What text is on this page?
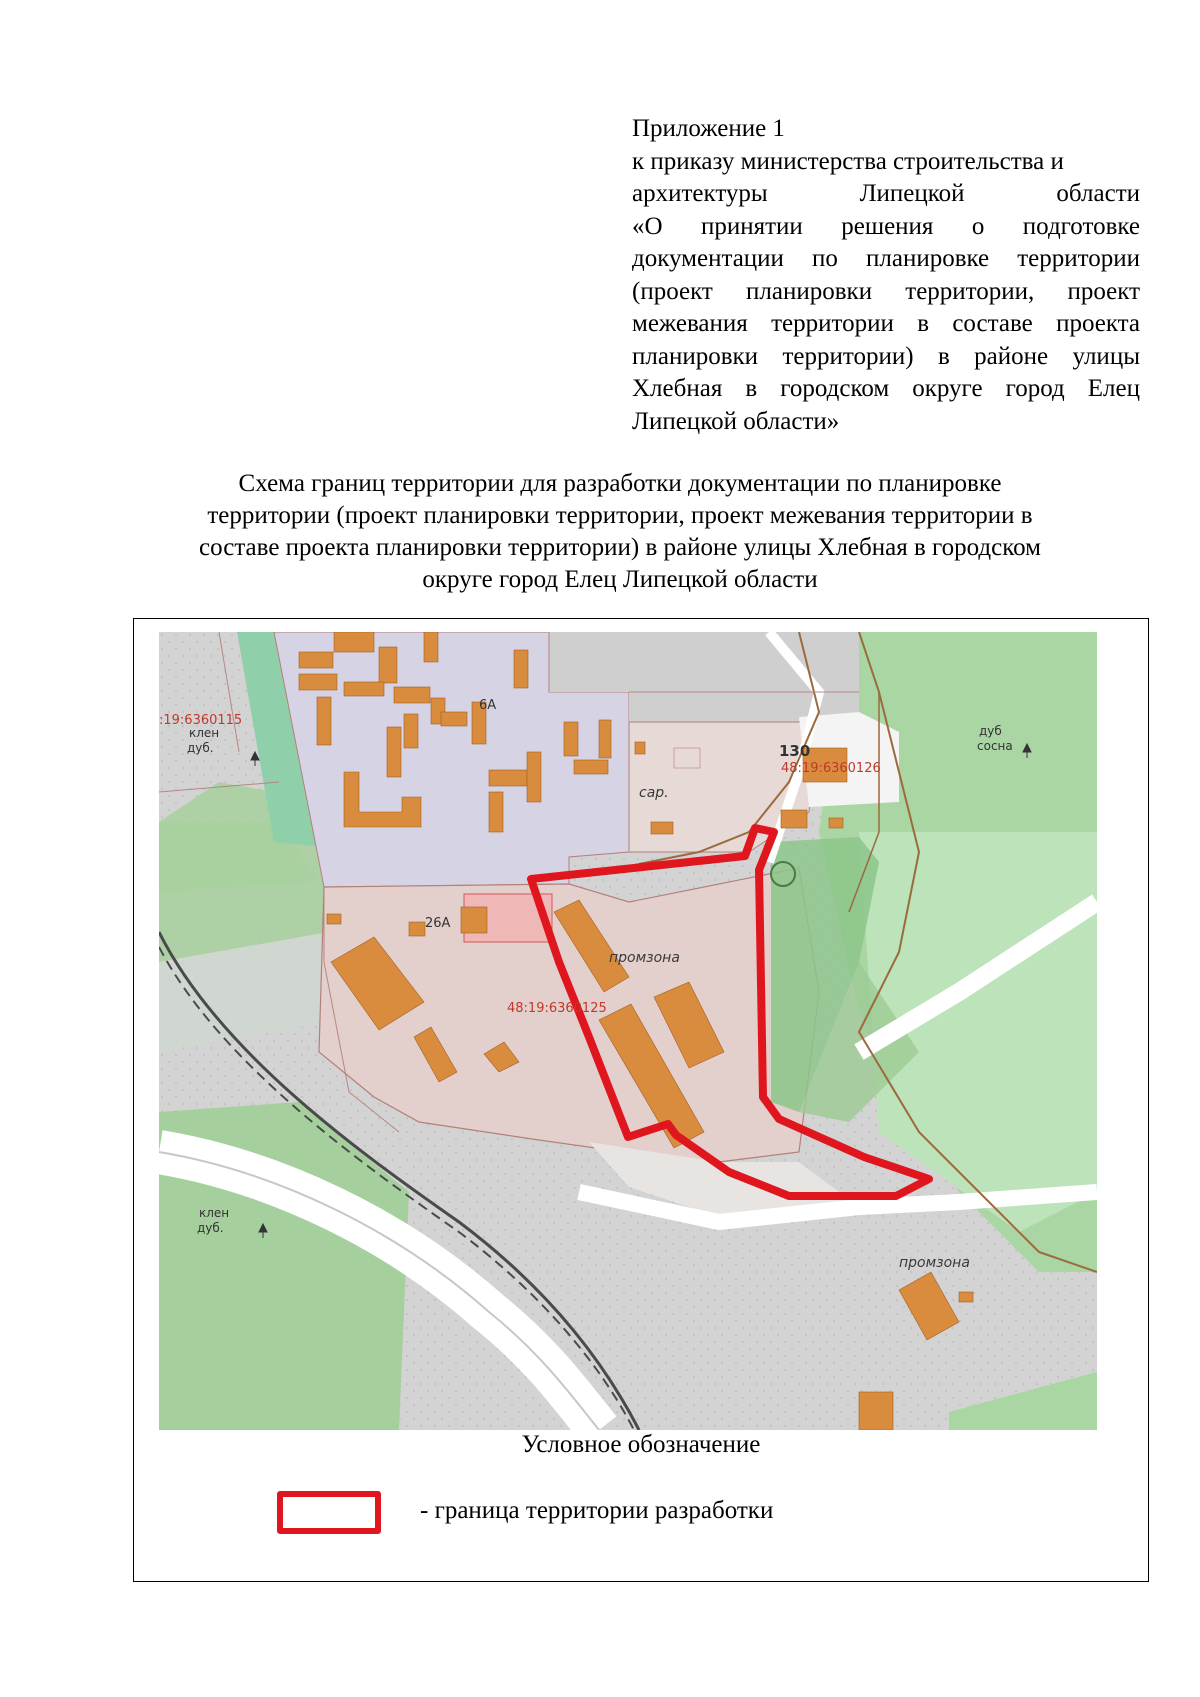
Приложение 1
к приказу министерства строительства и
архитектуры Липецкой области
«О принятии решения о подготовке
документации по планировке территории
(проект планировки территории, проект
межевания территории в составе проекта
планировки территории) в районе улицы
Хлебная в городском округе город Елец
Липецкой области»
Схема границ территории для разработки документации по планировке
территории (проект планировки территории, проект межевания территории в
составе проекта планировки территории) в районе улицы Хлебная в городском
округе город Елец Липецкой области
:19:6360115
48:19:6360126
48:19:6360125
130
6А
26А
сар.
промзона
промзона
клен
дуб.
клен
дуб.
дуб
сосна
Условное обозначение
- граница территории разработки
